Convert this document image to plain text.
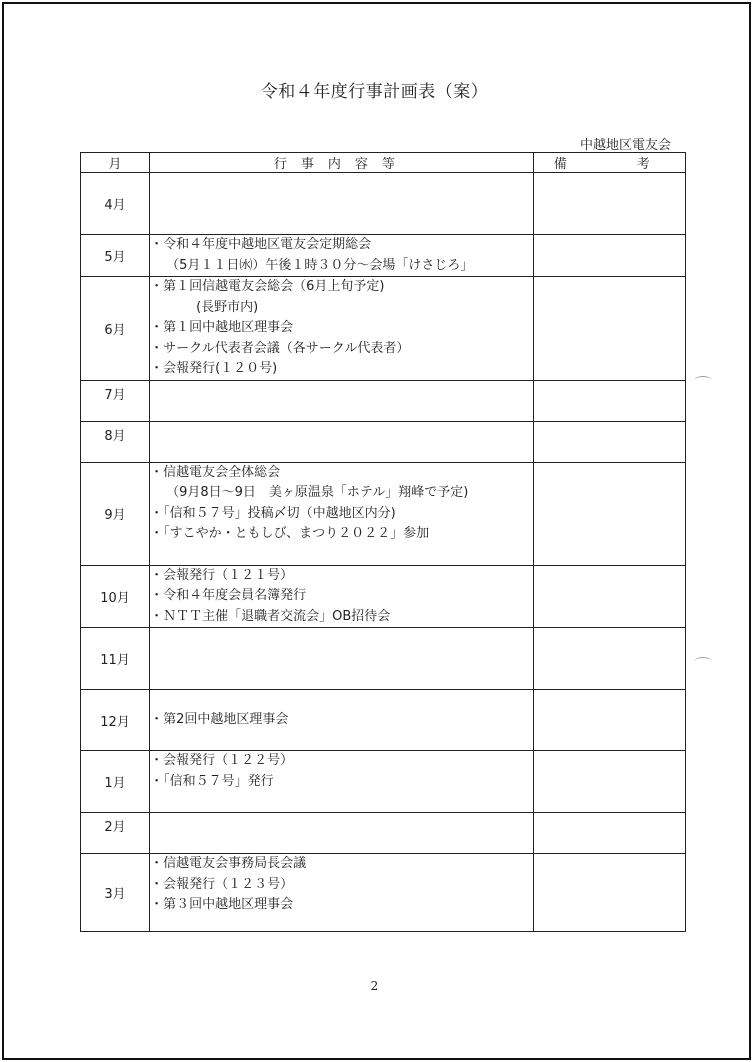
令和４年度行事計画表（案）
中越地区電友会
月	行事内容等	備 考
4月		
5月	・令和４年度中越地区電友会定期総会
（5月１１日㈬）午後１時３０分～会場「けさじろ」	

6月	・第１回信越電友会総会（6月上旬予定)
(長野市内)
・第１回中越地区理事会
・サークル代表者会議（各サークル代表者）
・会報発行(１２０号)	

7月		
8月		
9月	・信越電友会全体総会
（9月8日～9日　美ヶ原温泉「ホテル」翔峰で予定)
・｢信和５７号」投稿〆切（中越地区内分)
・「すこやか・ともしび、まつり２０２２」参加	

10月	・会報発行（１２１号）
・令和４年度会員名簿発行
・ＮＴＴ主催「退職者交流会」OB招待会	

11月		
12月	・第2回中越地区理事会	

1月	・会報発行（１２２号）
・｢信和５７号」発行	

2月		
3月	・信越電友会事務局長会議
・会報発行（１２３号）
・第３回中越地区理事会	

2
